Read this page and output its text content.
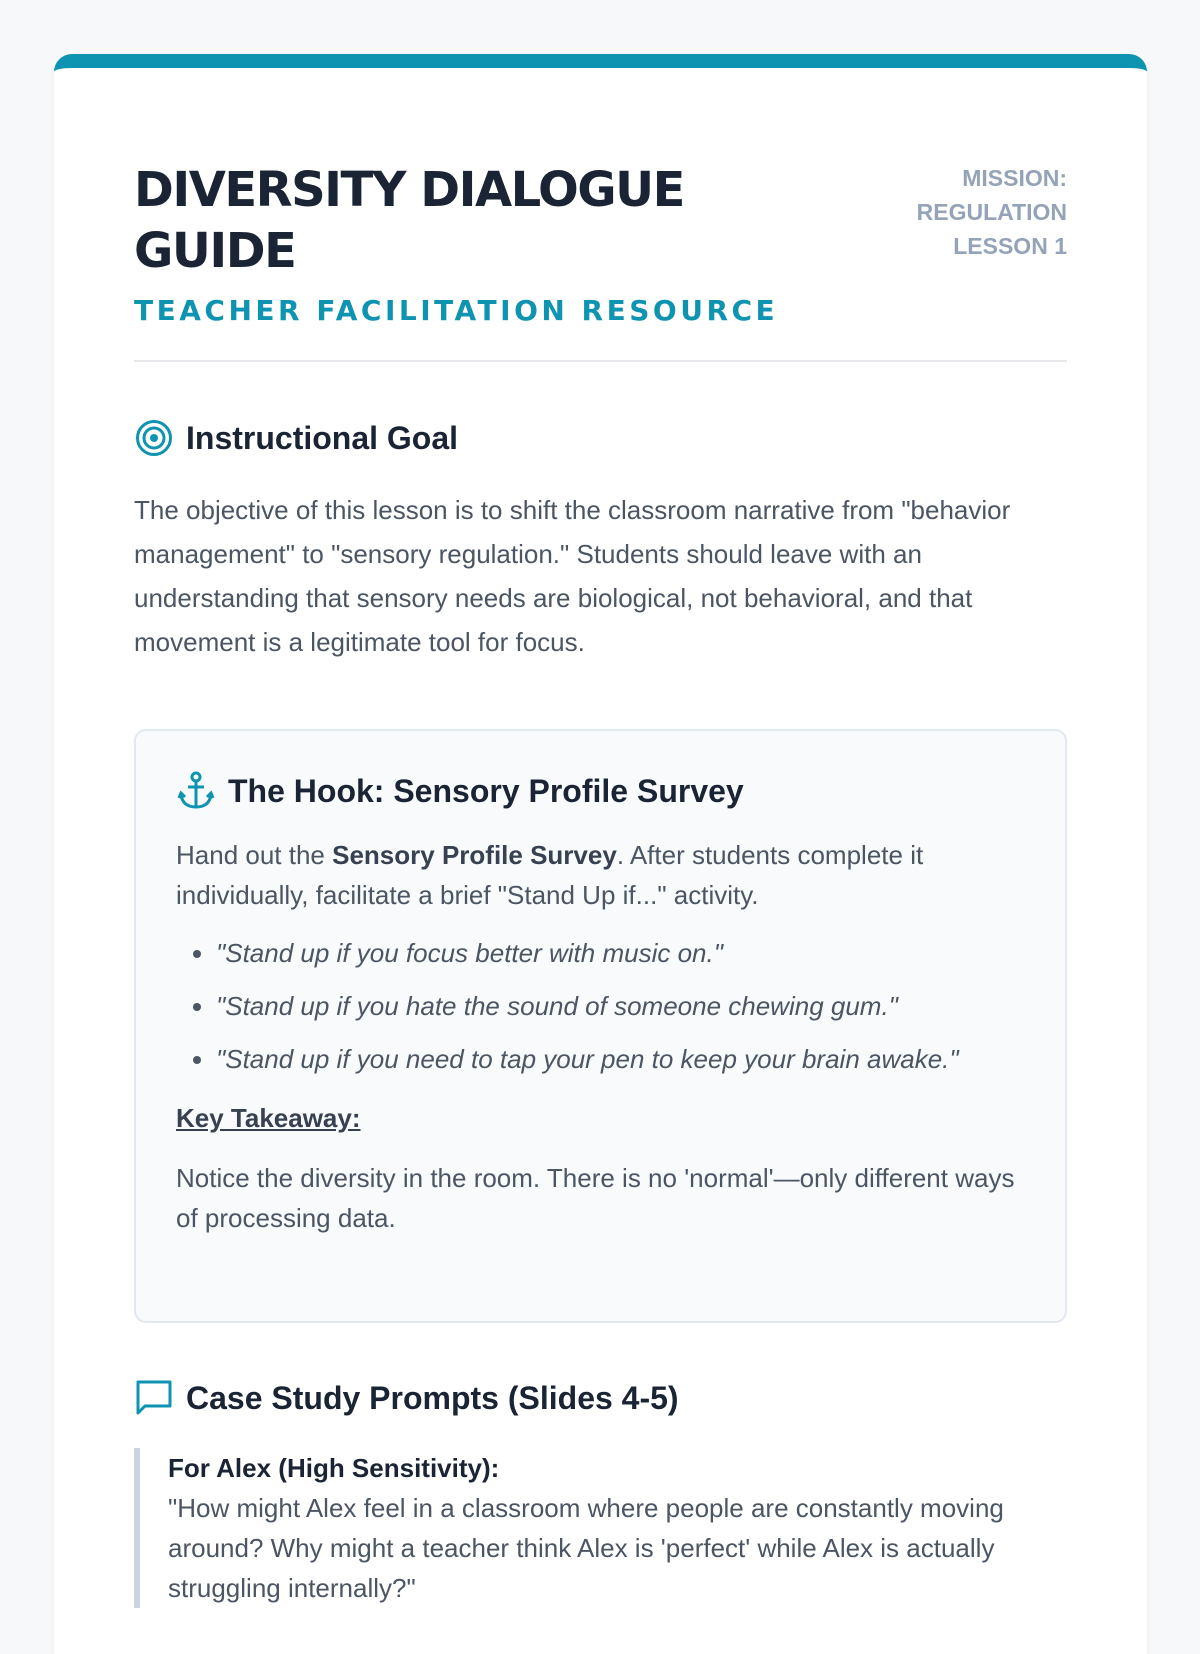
DIVERSITY DIALOGUE GUIDE
TEACHER FACILITATION RESOURCE
MISSION: REGULATION
LESSON 1
Instructional Goal

The objective of this lesson is to shift the classroom narrative from "behavior management" to "sensory regulation." Students should leave with an understanding that sensory needs are biological, not behavioral, and that movement is a legitimate tool for focus.

The Hook: Sensory Profile Survey

Hand out the Sensory Profile Survey. After students complete it individually, facilitate a brief "Stand Up if..." activity.

• "Stand up if you focus better with music on."
• "Stand up if you hate the sound of someone chewing gum."
• "Stand up if you need to tap your pen to keep your brain awake."
Key Takeaway:

Notice the diversity in the room. There is no 'normal'—only different ways of processing data.

Case Study Prompts (Slides 4-5)
For Alex (High Sensitivity):

"How might Alex feel in a classroom where people are constantly moving around? Why might a teacher think Alex is 'perfect' while Alex is actually struggling internally?"
